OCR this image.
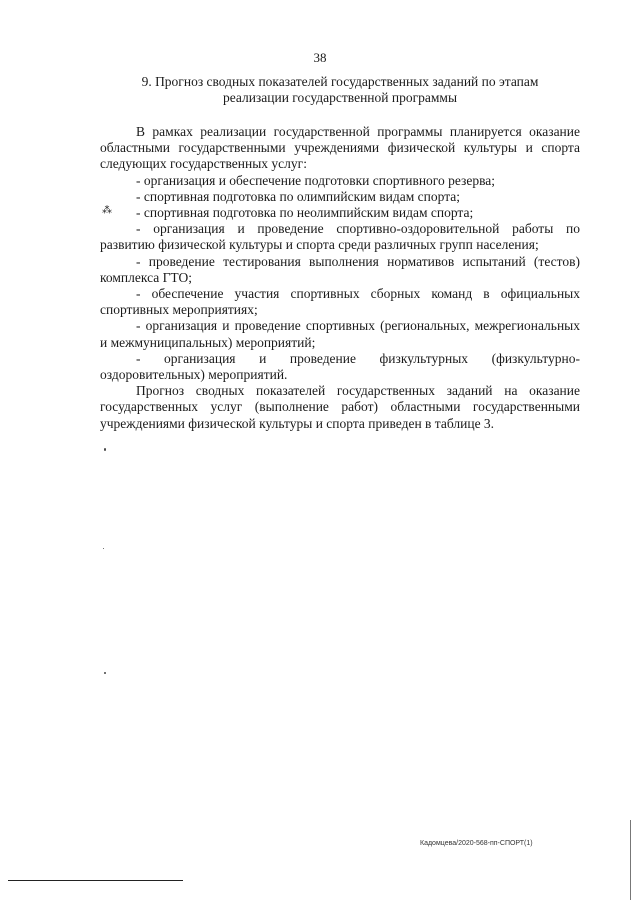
38
9. Прогноз сводных показателей государственных заданий по этапам
реализации государственной программы

В рамках реализации государственной программы планируется оказание областными государственными учреждениями физической культуры и спорта следующих государственных услуг:

- организация и обеспечение подготовки спортивного резерва;

- спортивная подготовка по олимпийским видам спорта;

- спортивная подготовка по неолимпийским видам спорта;

- организация и проведение спортивно-оздоровительной работы по развитию физической культуры и спорта среди различных групп населения;

- проведение тестирования выполнения нормативов испытаний (тестов) комплекса ГТО;

- обеспечение участия спортивных сборных команд в официальных спортивных мероприятиях;

- организация и проведение спортивных (региональных, межрегиональных и межмуниципальных) мероприятий;

- организация и проведение физкультурных (физкультурно-оздоровительных) мероприятий.

Прогноз сводных показателей государственных заданий на оказание государственных услуг (выполнение работ) областными государственными учреждениями физической культуры и спорта приведен в таблице 3.

⁂
Кадомцева/2020-568-пп-СПОРТ(1)
